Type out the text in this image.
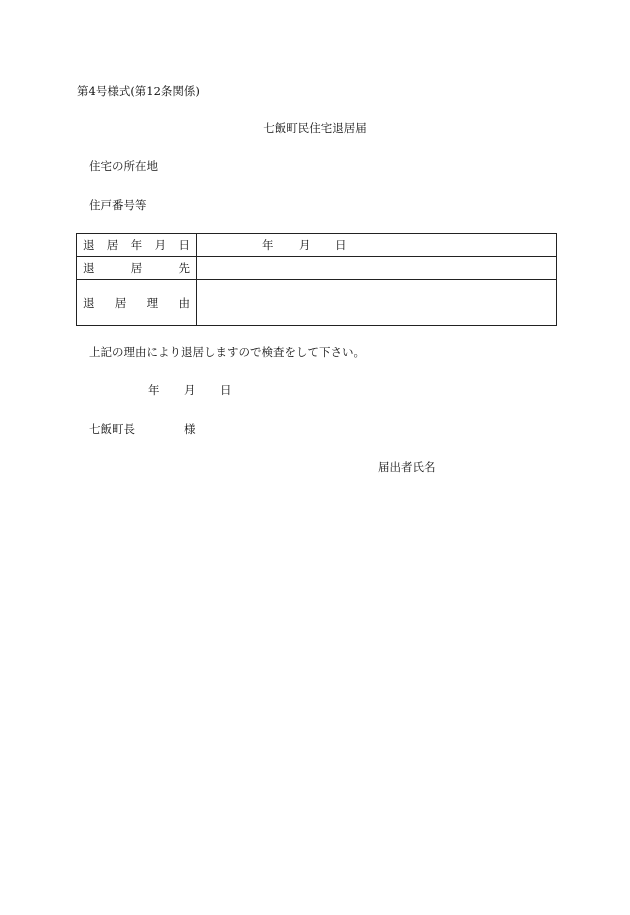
第4号様式(第12条関係)
七飯町民住宅退居届
住宅の所在地
住戸番号等
退 居 年 月 日	年 月 日

退 居 先	

退 居 理 由	

上記の理由により退居しますので検査をして下さい。
年 月 日
七飯町長	様
届出者氏名
